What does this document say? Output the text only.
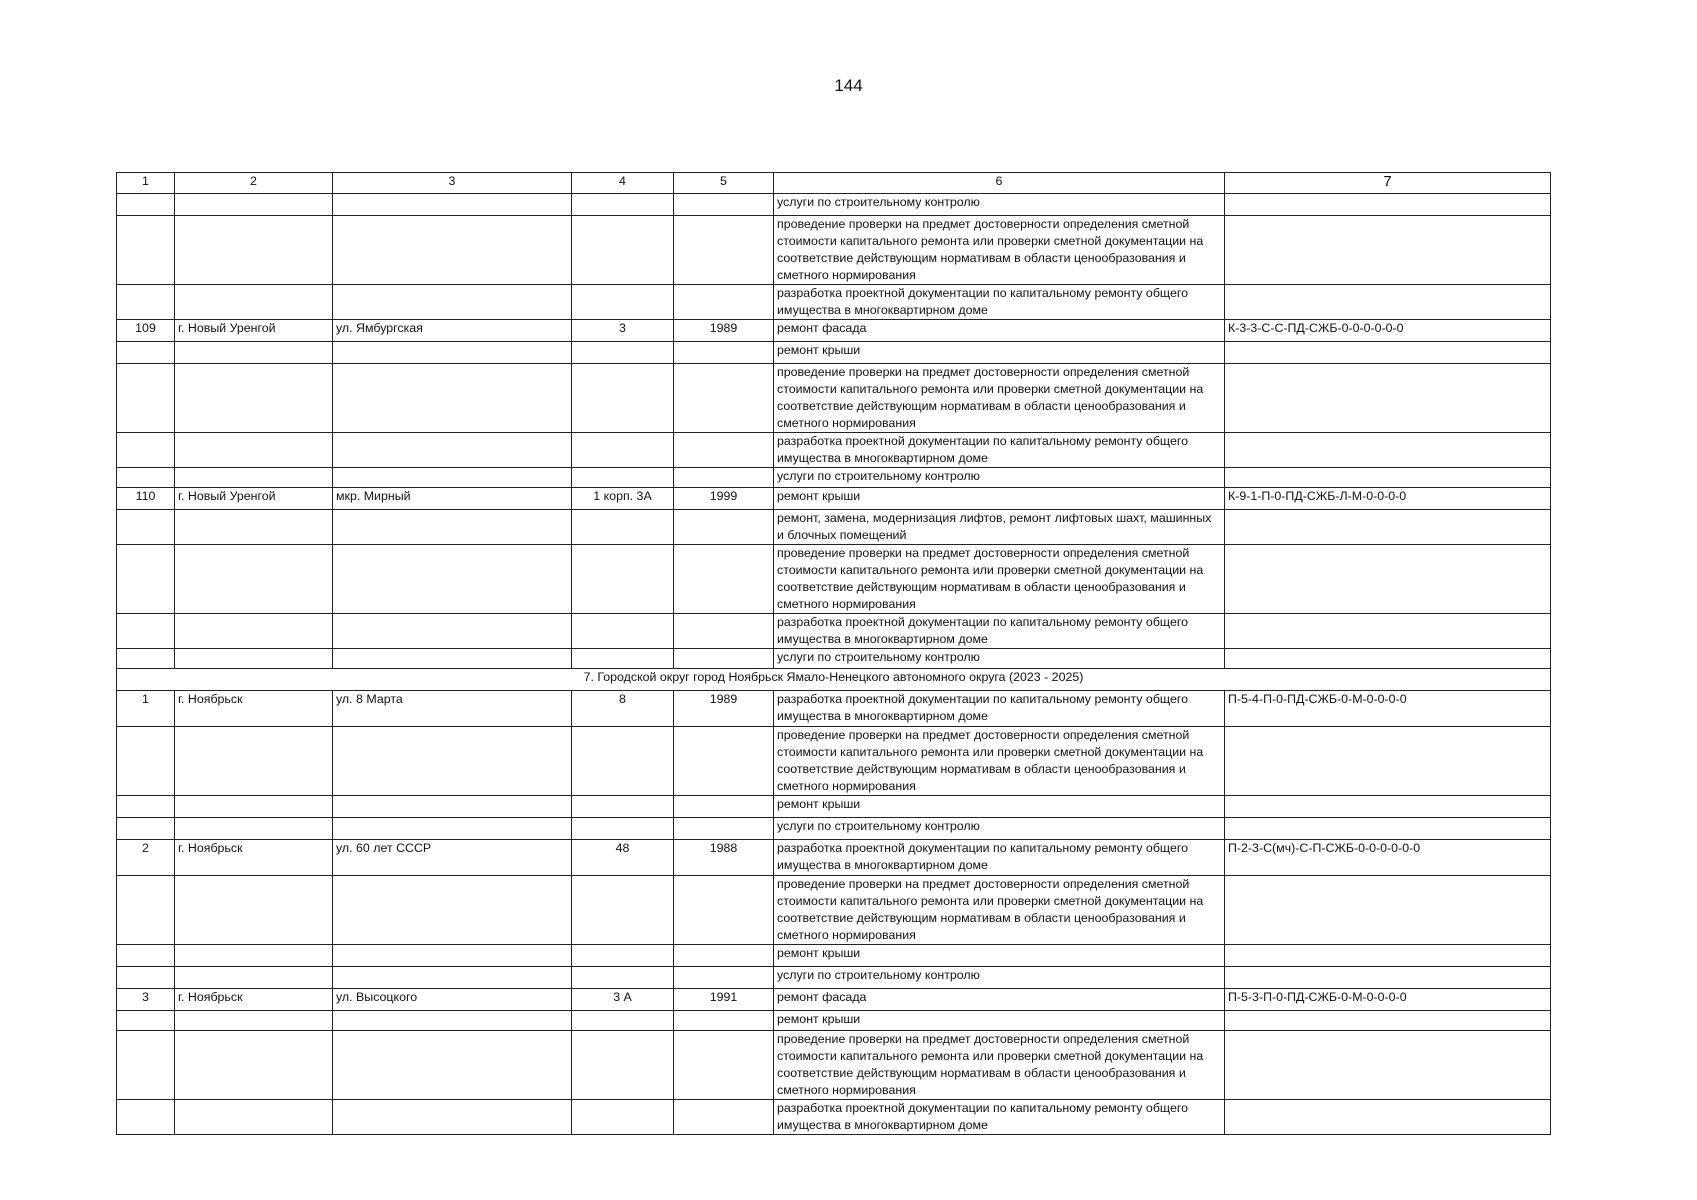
144
1	2	3	4	5	6	7
					услуги по строительному контролю	
					проведение проверки на предмет достоверности определения сметной стоимости капитального ремонта или проверки сметной документации на соответствие действующим нормативам в области ценообразования и сметного нормирования	
					разработка проектной документации по капитальному ремонту общего имущества в многоквартирном доме	
109	г. Новый Уренгой	ул. Ямбургская	3	1989	ремонт фасада	К-3-3-С-С-ПД-СЖБ-0-0-0-0-0-0
					ремонт крыши	
					проведение проверки на предмет достоверности определения сметной стоимости капитального ремонта или проверки сметной документации на соответствие действующим нормативам в области ценообразования и сметного нормирования	
					разработка проектной документации по капитальному ремонту общего имущества в многоквартирном доме	
					услуги по строительному контролю	
110	г. Новый Уренгой	мкр. Мирный	1 корп. 3А	1999	ремонт крыши	К-9-1-П-0-ПД-СЖБ-Л-М-0-0-0-0
					ремонт, замена, модернизация лифтов, ремонт лифтовых шахт, машинных и блочных помещений	
					проведение проверки на предмет достоверности определения сметной стоимости капитального ремонта или проверки сметной документации на соответствие действующим нормативам в области ценообразования и сметного нормирования	
					разработка проектной документации по капитальному ремонту общего имущества в многоквартирном доме	
					услуги по строительному контролю	
7. Городской округ город Ноябрьск Ямало-Ненецкого автономного округа (2023 - 2025)						
1	г. Ноябрьск	ул. 8 Марта	8	1989	разработка проектной документации по капитальному ремонту общего имущества в многоквартирном доме	П-5-4-П-0-ПД-СЖБ-0-М-0-0-0-0
					проведение проверки на предмет достоверности определения сметной стоимости капитального ремонта или проверки сметной документации на соответствие действующим нормативам в области ценообразования и сметного нормирования	
					ремонт крыши	
					услуги по строительному контролю	
2	г. Ноябрьск	ул. 60 лет СССР	48	1988	разработка проектной документации по капитальному ремонту общего имущества в многоквартирном доме	П-2-3-С(мч)-С-П-СЖБ-0-0-0-0-0-0
					проведение проверки на предмет достоверности определения сметной стоимости капитального ремонта или проверки сметной документации на соответствие действующим нормативам в области ценообразования и сметного нормирования	
					ремонт крыши	
					услуги по строительному контролю	
3	г. Ноябрьск	ул. Высоцкого	3 А	1991	ремонт фасада	П-5-3-П-0-ПД-СЖБ-0-М-0-0-0-0
					ремонт крыши	
					проведение проверки на предмет достоверности определения сметной стоимости капитального ремонта или проверки сметной документации на соответствие действующим нормативам в области ценообразования и сметного нормирования	
					разработка проектной документации по капитальному ремонту общего имущества в многоквартирном доме	
